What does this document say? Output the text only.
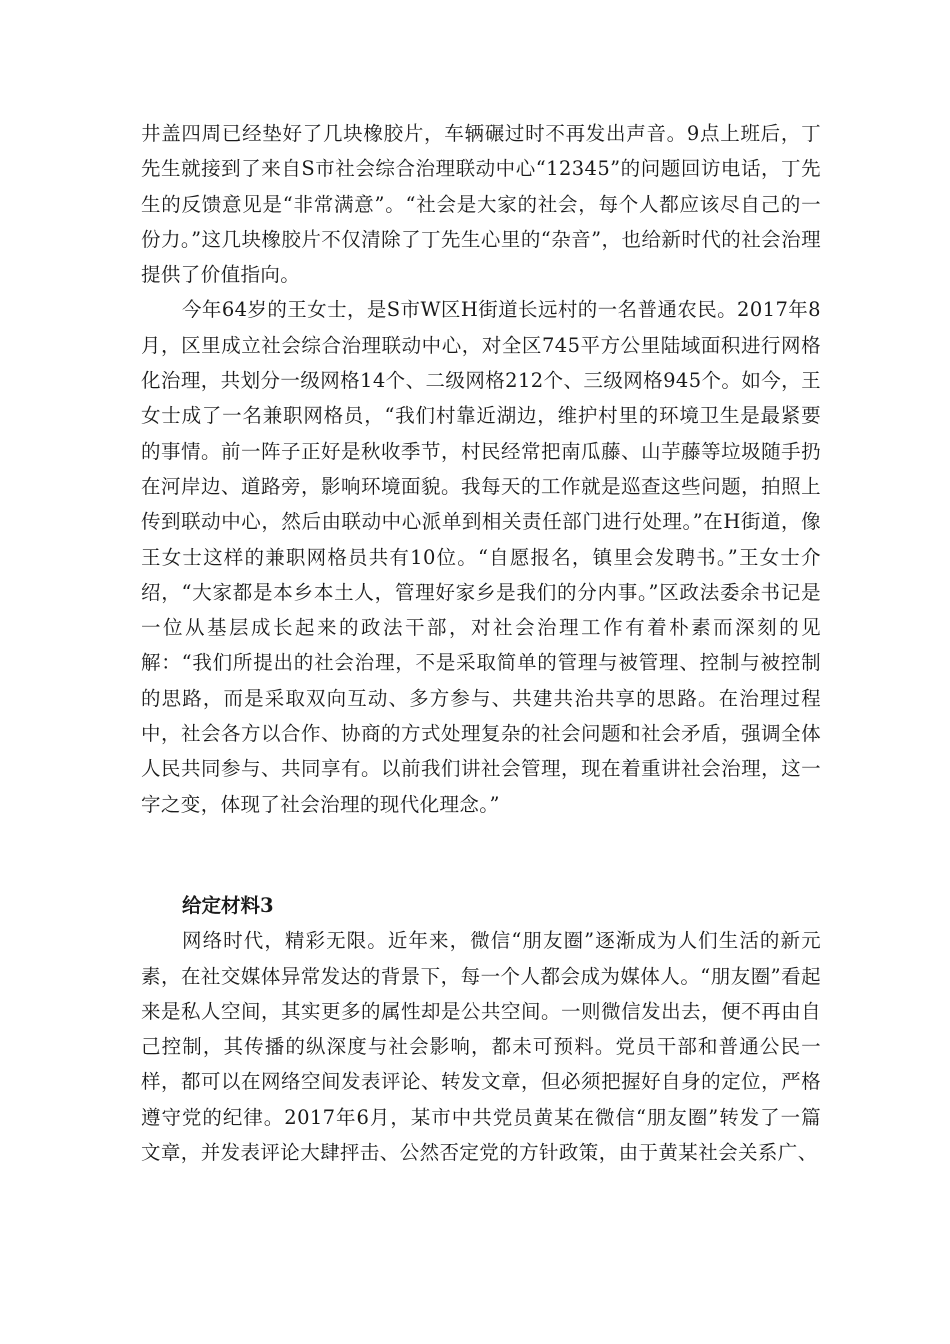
井盖四周已经垫好了几块橡胶片，车辆碾过时不再发出声音。9点上班后，丁先生就接到了来自S市社会综合治理联动中心“12345”的问题回访电话，丁先生的反馈意见是“非常满意”。“社会是大家的社会，每个人都应该尽自己的一份力。”这几块橡胶片不仅清除了丁先生心里的“杂音”，也给新时代的社会治理提供了价值指向。

今年64岁的王女士，是S市W区H街道长远村的一名普通农民。2017年8月，区里成立社会综合治理联动中心，对全区745平方公里陆域面积进行网格化治理，共划分一级网格14个、二级网格212个、三级网格945个。如今，王女士成了一名兼职网格员，“我们村靠近湖边，维护村里的环境卫生是最紧要的事情。前一阵子正好是秋收季节，村民经常把南瓜藤、山芋藤等垃圾随手扔在河岸边、道路旁，影响环境面貌。我每天的工作就是巡查这些问题，拍照上传到联动中心，然后由联动中心派单到相关责任部门进行处理。”在H街道，像王女士这样的兼职网格员共有10位。“自愿报名，镇里会发聘书。”王女士介绍，“大家都是本乡本土人，管理好家乡是我们的分内事。”区政法委余书记是一位从基层成长起来的政法干部，对社会治理工作有着朴素而深刻的见解：“我们所提出的社会治理，不是采取简单的管理与被管理、控制与被控制的思路，而是采取双向互动、多方参与、共建共治共享的思路。在治理过程中，社会各方以合作、协商的方式处理复杂的社会问题和社会矛盾，强调全体人民共同参与、共同享有。以前我们讲社会管理，现在着重讲社会治理，这一字之变，体现了社会治理的现代化理念。”

给定材料3

网络时代，精彩无限。近年来，微信“朋友圈”逐渐成为人们生活的新元素，在社交媒体异常发达的背景下，每一个人都会成为媒体人。“朋友圈”看起来是私人空间，其实更多的属性却是公共空间。一则微信发出去，便不再由自己控制，其传播的纵深度与社会影响，都未可预料。党员干部和普通公民一样，都可以在网络空间发表评论、转发文章，但必须把握好自身的定位，严格遵守党的纪律。2017年6月，某市中共党员黄某在微信“朋友圈”转发了一篇文章，并发表评论大肆抨击、公然否定党的方针政策，由于黄某社会关系广、
